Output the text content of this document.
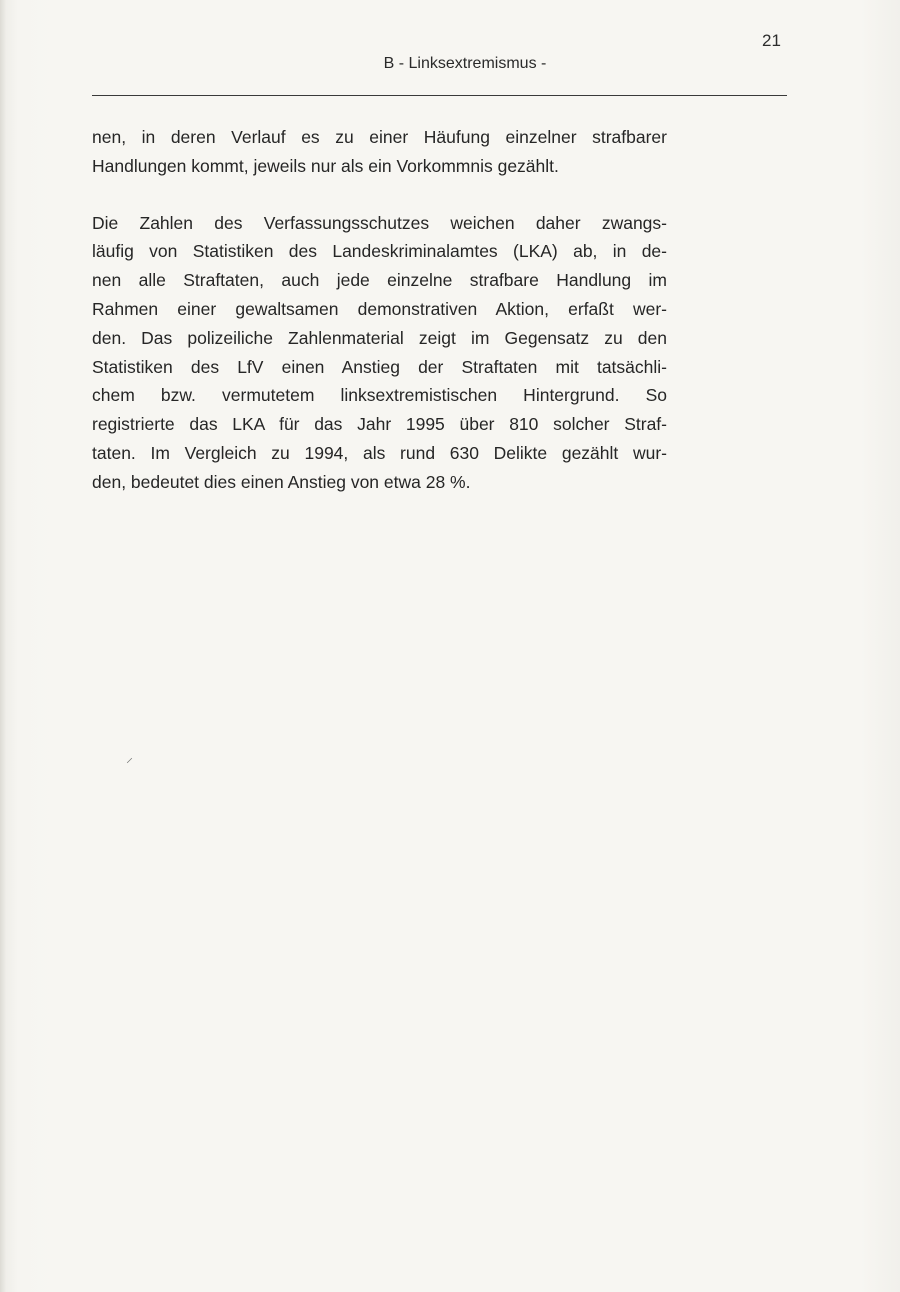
21
B - Linksextremismus -

nen, in deren Verlauf es zu einer Häufung einzelner strafbarer
Handlungen kommt, jeweils nur als ein Vorkommnis gezählt.

Die Zahlen des Verfassungsschutzes weichen daher zwangs-
läufig von Statistiken des Landeskriminalamtes (LKA) ab, in de-
nen alle Straftaten, auch jede einzelne strafbare Handlung im
Rahmen einer gewaltsamen demonstrativen Aktion, erfaßt wer-
den. Das polizeiliche Zahlenmaterial zeigt im Gegensatz zu den
Statistiken des LfV einen Anstieg der Straftaten mit tatsächli-
chem bzw. vermutetem linksextremistischen Hintergrund. So
registrierte das LKA für das Jahr 1995 über 810 solcher Straf-
taten. Im Vergleich zu 1994, als rund 630 Delikte gezählt wur-
den, bedeutet dies einen Anstieg von etwa 28 %.

⸝
